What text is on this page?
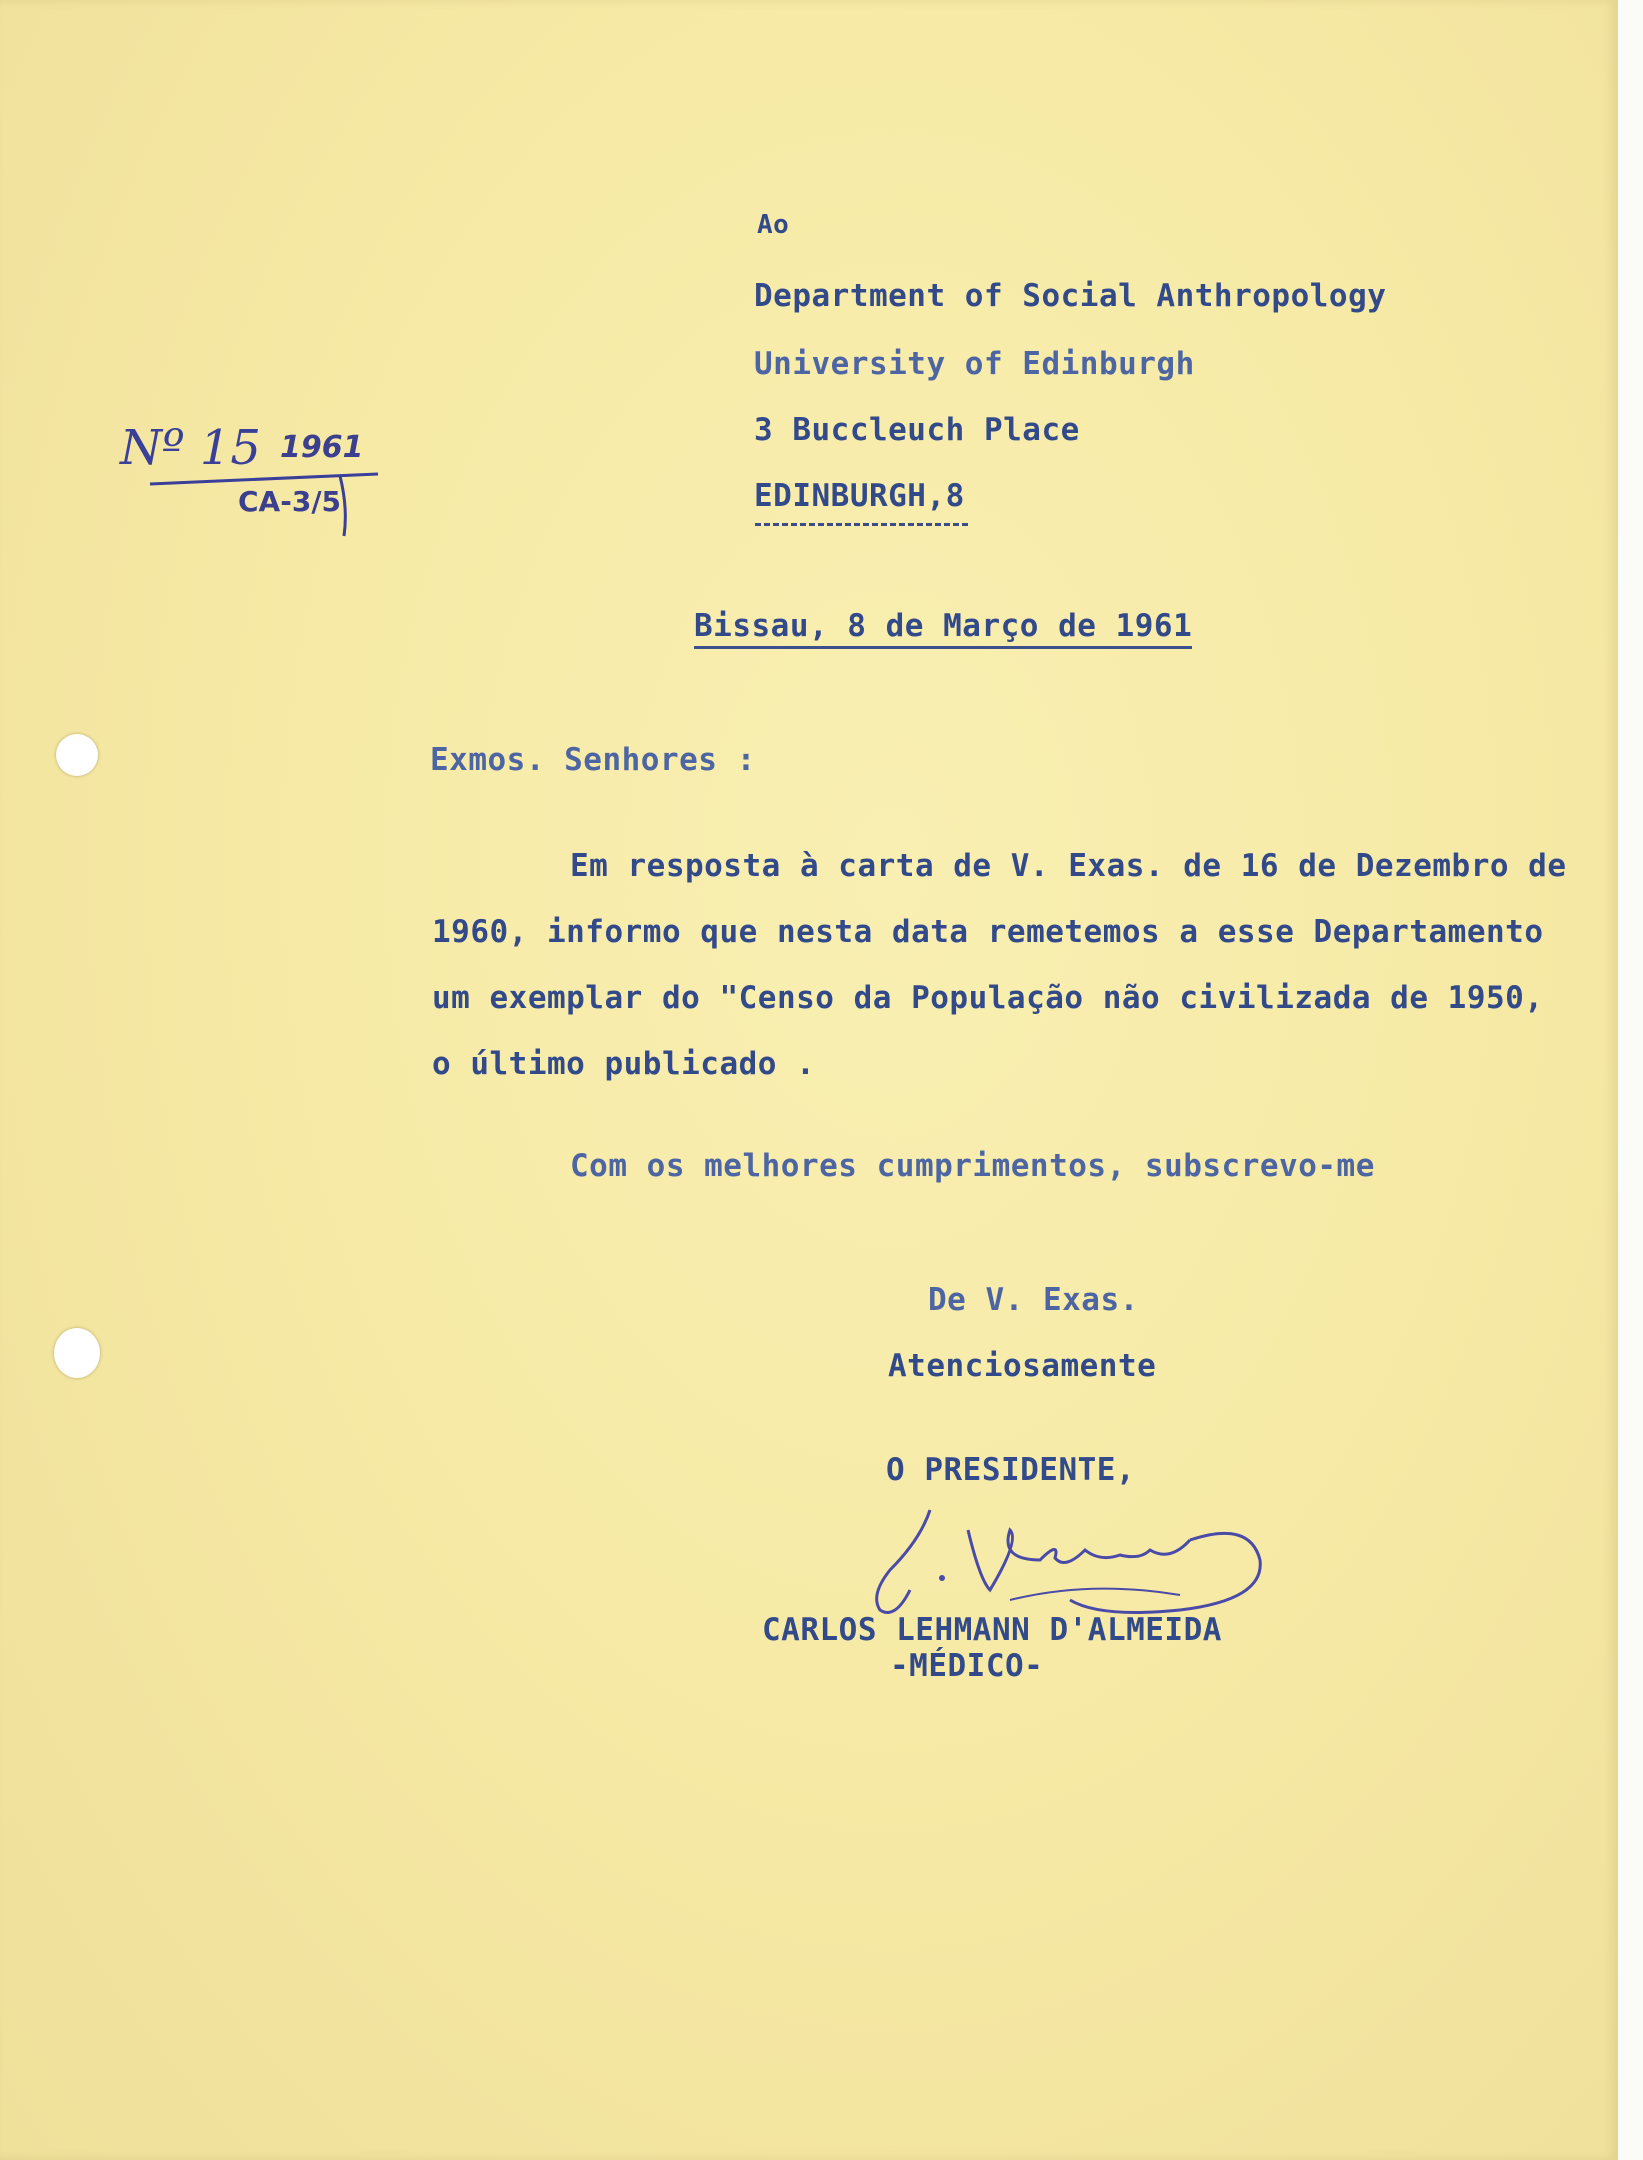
Ao
Department of Social Anthropology
University of Edinburgh
3 Buccleuch Place
EDINBURGH,8
Nº 15 1961
CA-3/5
Bissau, 8 de Março de 1961
Exmos. Senhores :
Em resposta à carta de V. Exas. de 16 de Dezembro de
1960, informo que nesta data remetemos a esse Departamento
um exemplar do "Censo da População não civilizada de 1950,
o último publicado .
Com os melhores cumprimentos, subscrevo-me
De V. Exas.
Atenciosamente
O PRESIDENTE,
CARLOS LEHMANN D'ALMEIDA
-MÉDICO-
